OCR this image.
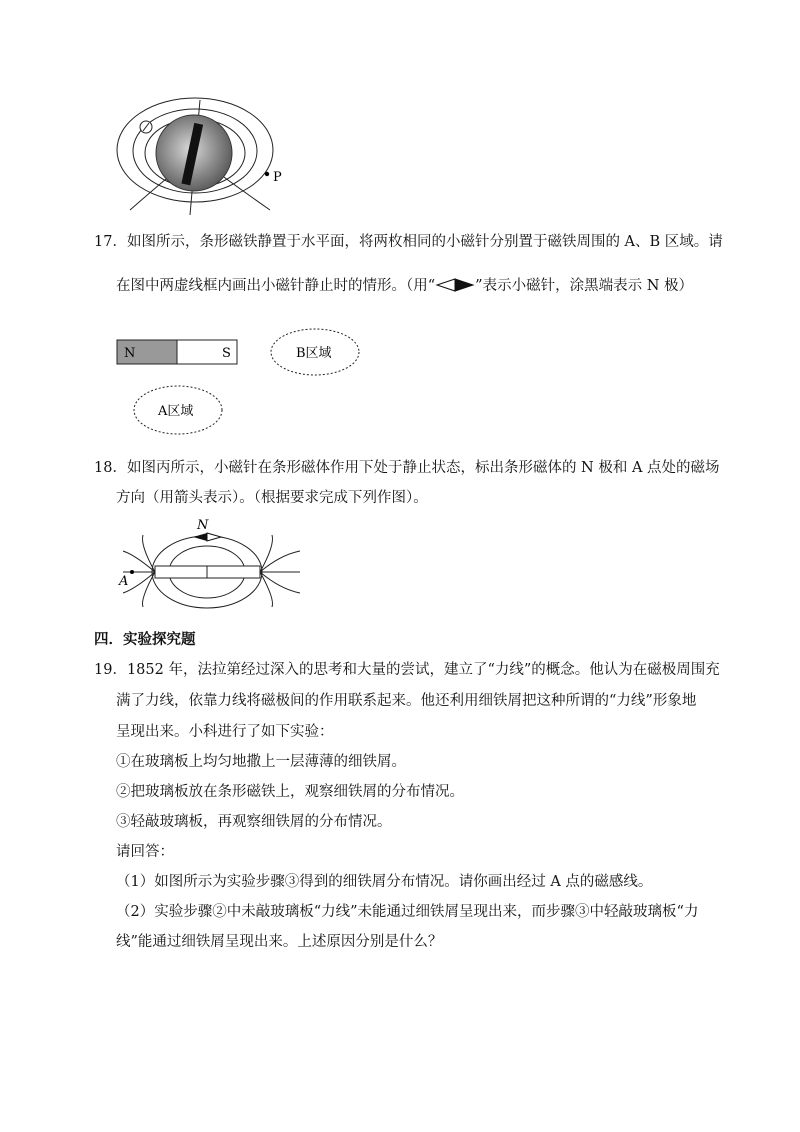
P
17．如图所示，条形磁铁静置于水平面，将两枚相同的小磁针分别置于磁铁周围的 A、B 区域。请
在图中两虚线框内画出小磁针静止时的情形。（用“	”表示小磁针，涂黑端表示 N 极）
N	S	B区域
A区域
18．如图丙所示，小磁针在条形磁体作用下处于静止状态，标出条形磁体的 N 极和 A 点处的磁场
方向（用箭头表示）。（根据要求完成下列作图）。
N
A
四．实验探究题
19．1852 年，法拉第经过深入的思考和大量的尝试，建立了“力线”的概念。他认为在磁极周围充
满了力线，依靠力线将磁极间的作用联系起来。他还利用细铁屑把这种所谓的“力线”形象地
呈现出来。小科进行了如下实验：
①在玻璃板上均匀地撒上一层薄薄的细铁屑。
②把玻璃板放在条形磁铁上，观察细铁屑的分布情况。
③轻敲玻璃板，再观察细铁屑的分布情况。
请回答：
（1）如图所示为实验步骤③得到的细铁屑分布情况。请你画出经过 A 点的磁感线。
（2）实验步骤②中未敲玻璃板“力线”未能通过细铁屑呈现出来，而步骤③中轻敲玻璃板“力
线”能通过细铁屑呈现出来。上述原因分别是什么？
